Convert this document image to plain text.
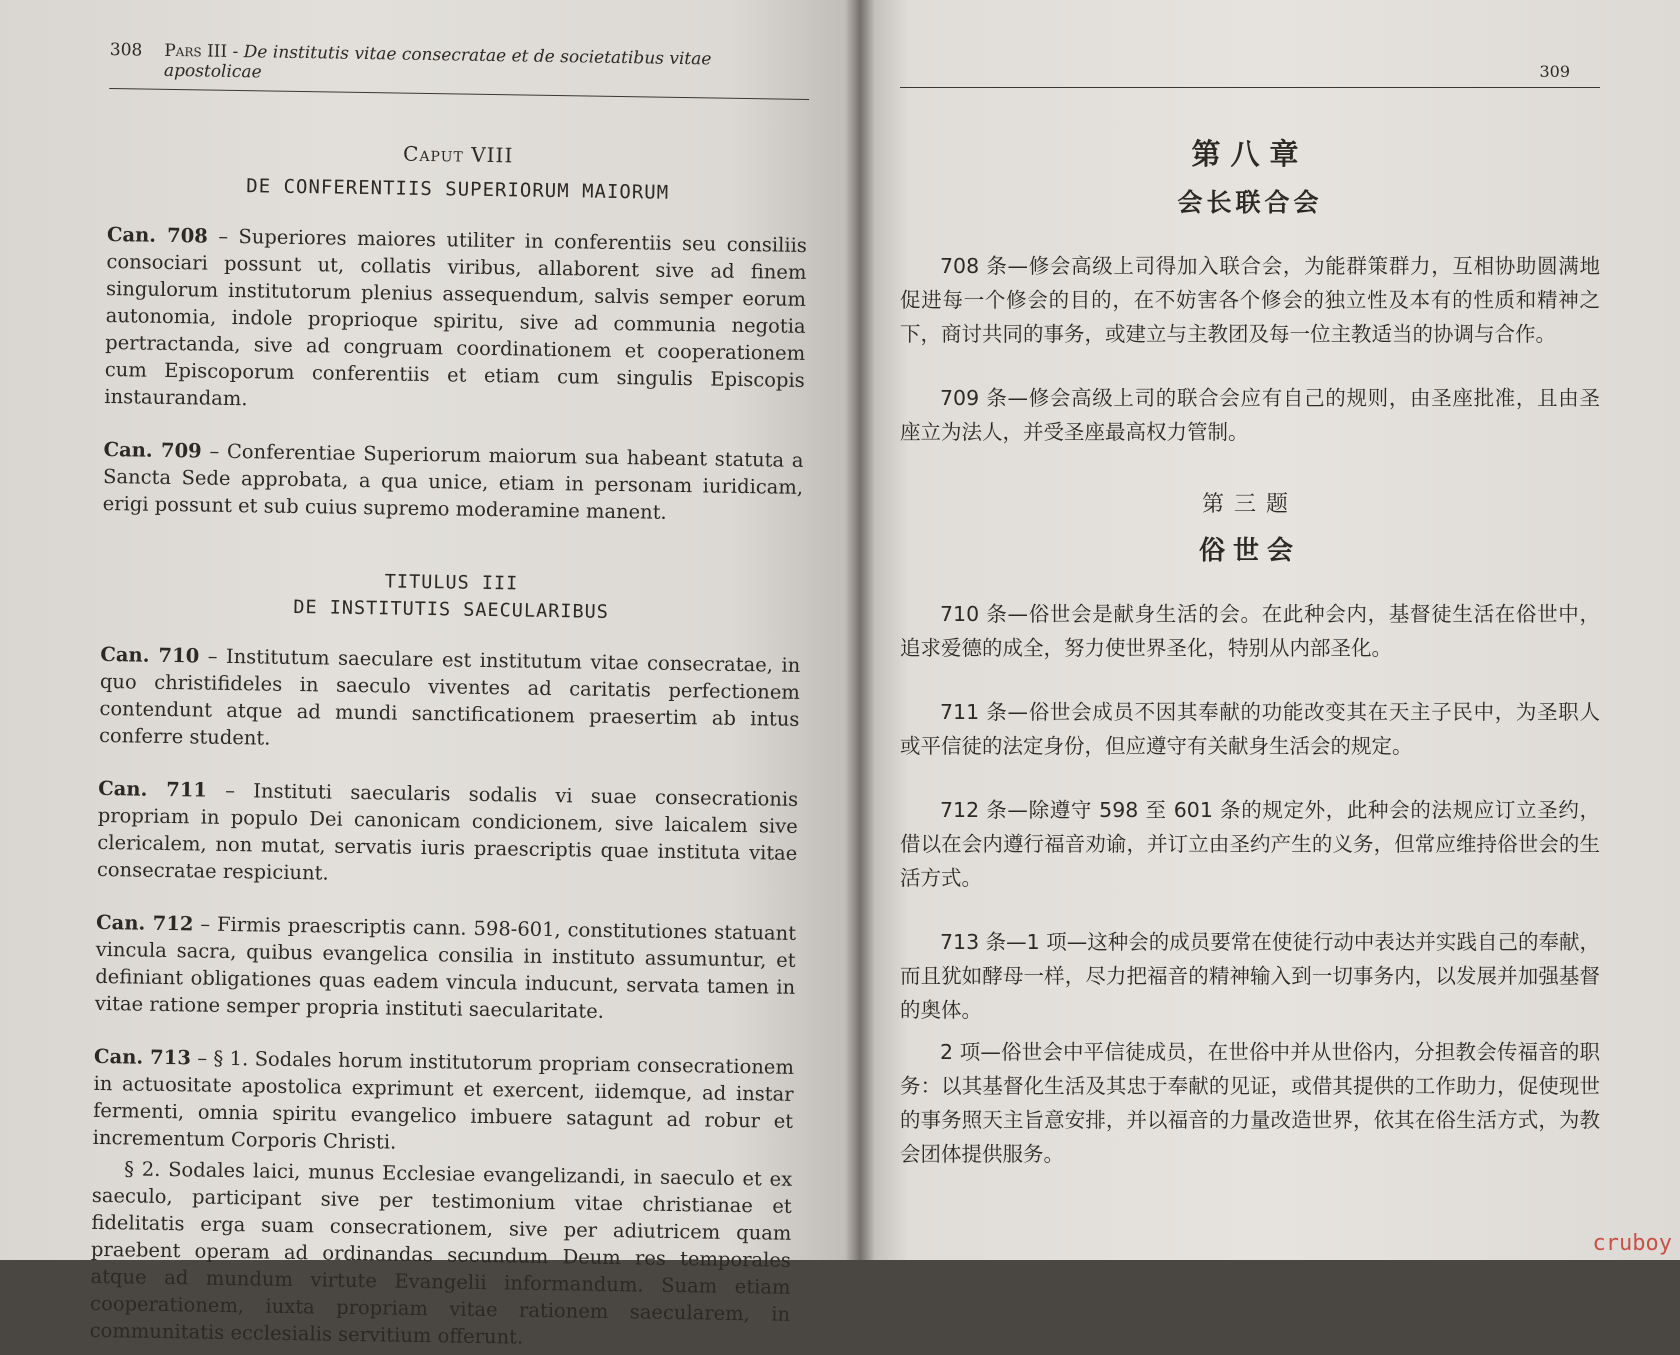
308 Pars III - De institutis vitae consecratae et de societatibus vitae apostolicae
Caput VIII
DE CONFERENTIIS SUPERIORUM MAIORUM

Can. 708 – Superiores maiores utiliter in conferentiis seu consiliis consociari possunt ut, collatis viribus, allaborent sive ad finem singulorum institutorum plenius assequendum, salvis semper eorum autonomia, indole proprioque spiritu, sive ad communia negotia pertractanda, sive ad congruam coordinationem et cooperationem cum Episcoporum conferentiis et etiam cum singulis Episcopis instaurandam.

Can. 709 – Conferentiae Superiorum maiorum sua habeant statuta a Sancta Sede approbata, a qua unice, etiam in personam iuridicam, erigi possunt et sub cuius supremo moderamine manent.

TITULUS III
DE INSTITUTIS SAECULARIBUS

Can. 710 – Institutum saeculare est institutum vitae consecratae, in quo christifideles in saeculo viventes ad caritatis perfectionem contendunt atque ad mundi sanctificationem praesertim ab intus conferre student.

Can. 711 – Instituti saecularis sodalis vi suae consecrationis propriam in populo Dei canonicam condicionem, sive laicalem sive clericalem, non mutat, servatis iuris praescriptis quae instituta vitae consecratae respiciunt.

Can. 712 – Firmis praescriptis cann. 598-601, constitutiones statuant vincula sacra, quibus evangelica consilia in instituto assumuntur, et definiant obligationes quas eadem vincula inducunt, servata tamen in vitae ratione semper propria instituti saecularitate.

Can. 713 – § 1. Sodales horum institutorum propriam consecrationem in actuositate apostolica exprimunt et exercent, iidemque, ad instar fermenti, omnia spiritu evangelico imbuere satagunt ad robur et incrementum Corporis Christi.

§ 2. Sodales laici, munus Ecclesiae evangelizandi, in saeculo et ex saeculo, participant sive per testimonium vitae christianae et fidelitatis erga suam consecrationem, sive per adiutricem quam praebent operam ad ordinandas secundum Deum res temporales atque ad mundum virtute Evangelii informandum. Suam etiam cooperationem, iuxta propriam vitae rationem saecularem, in communitatis ecclesialis servitium offerunt.

309
第八章
会长联合会

708 条—修会高级上司得加入联合会，为能群策群力，互相协助圆满地促进每一个修会的目的，在不妨害各个修会的独立性及本有的性质和精神之下，商讨共同的事务，或建立与主教团及每一位主教适当的协调与合作。

709 条—修会高级上司的联合会应有自己的规则，由圣座批准，且由圣座立为法人，并受圣座最高权力管制。

第三题
俗世会

710 条—俗世会是献身生活的会。在此种会内，基督徒生活在俗世中，追求爱德的成全，努力使世界圣化，特别从内部圣化。

711 条—俗世会成员不因其奉献的功能改变其在天主子民中，为圣职人或平信徒的法定身份，但应遵守有关献身生活会的规定。

712 条—除遵守 598 至 601 条的规定外，此种会的法规应订立圣约，借以在会内遵行福音劝谕，并订立由圣约产生的义务，但常应维持俗世会的生活方式。

713 条—1 项—这种会的成员要常在使徒行动中表达并实践自己的奉献，而且犹如酵母一样，尽力把福音的精神输入到一切事务内，以发展并加强基督的奥体。

2 项—俗世会中平信徒成员，在世俗中并从世俗内，分担教会传福音的职务：以其基督化生活及其忠于奉献的见证，或借其提供的工作助力，促使现世的事务照天主旨意安排，并以福音的力量改造世界，依其在俗生活方式，为教会团体提供服务。

cruboy
